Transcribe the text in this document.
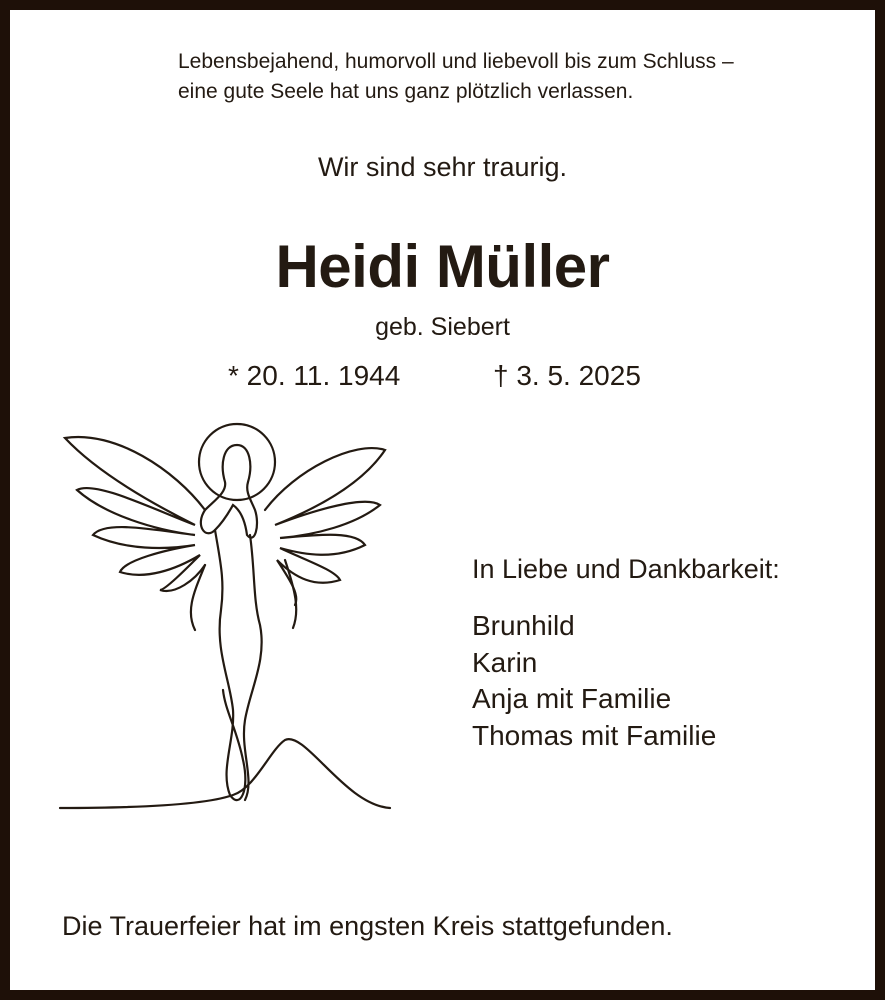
Lebensbejahend, humorvoll und liebevoll bis zum Schluss –
eine gute Seele hat uns ganz plötzlich verlassen.
Wir sind sehr traurig.
Heidi Müller
geb. Siebert
* 20. 11. 1944	† 3. 5. 2025
In Liebe und Dankbarkeit:
Brunhild
Karin
Anja mit Familie
Thomas mit Familie
Die Trauerfeier hat im engsten Kreis stattgefunden.
